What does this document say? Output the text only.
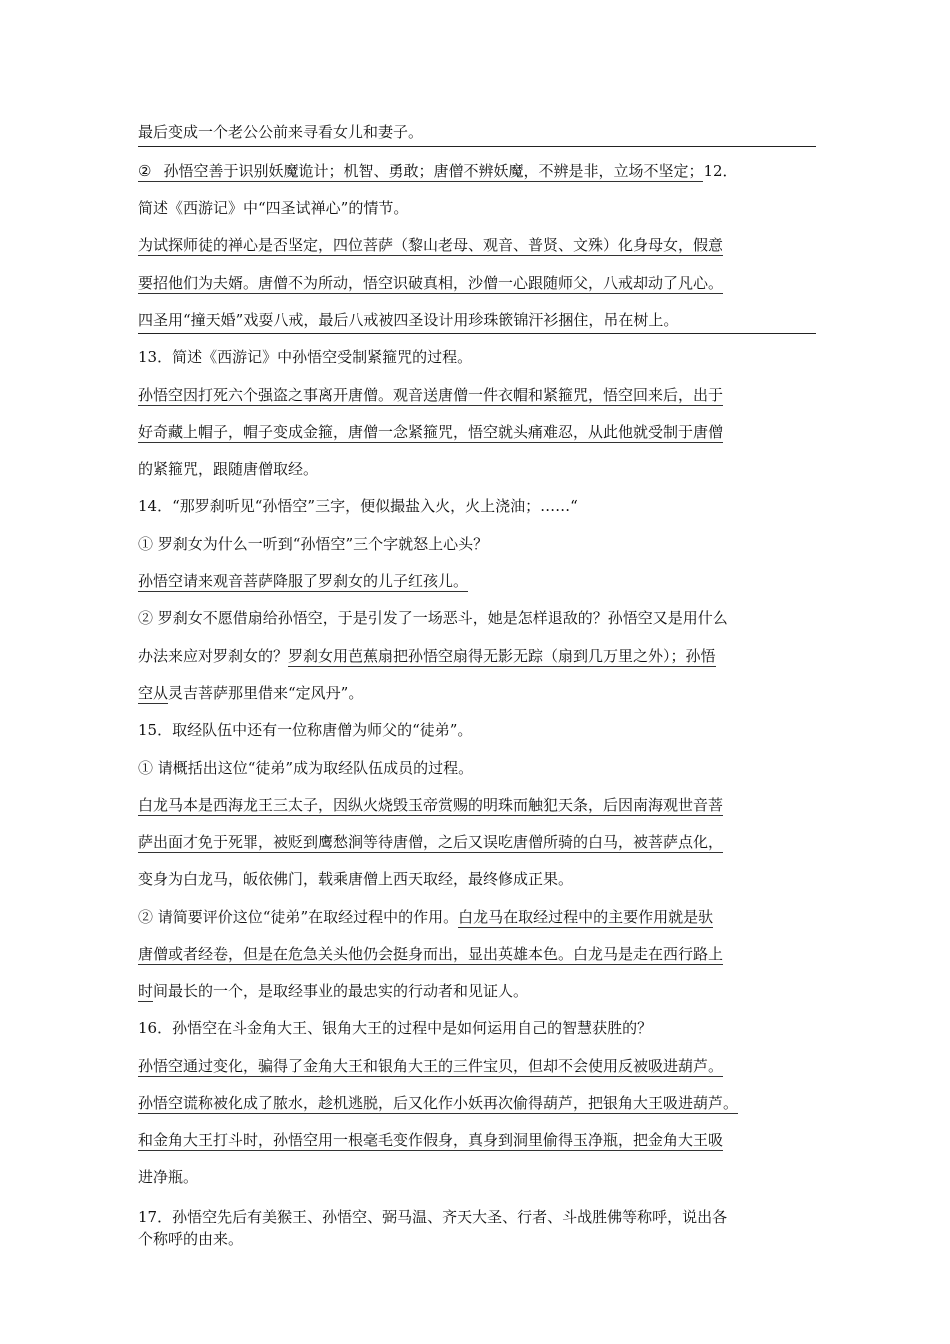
最后变成一个老公公前来寻看女儿和妻子。
② 孙悟空善于识别妖魔诡计；机智、勇敢；唐僧不辨妖魔，不辨是非，立场不坚定；12．
简述《西游记》中“四圣试禅心”的情节。
为试探师徒的禅心是否坚定，四位菩萨（黎山老母、观音、普贤、文殊）化身母女，假意
要招他们为夫婿。唐僧不为所动，悟空识破真相，沙僧一心跟随师父，八戒却动了凡心。
四圣用“撞天婚”戏耍八戒，最后八戒被四圣设计用珍珠篏锦汗衫捆住，吊在树上。
13．简述《西游记》中孙悟空受制紧箍咒的过程。
孙悟空因打死六个强盗之事离开唐僧。观音送唐僧一件衣帽和紧箍咒，悟空回来后，出于
好奇藏上帽子，帽子变成金箍，唐僧一念紧箍咒，悟空就头痛难忍，从此他就受制于唐僧
的紧箍咒，跟随唐僧取经。
14．“那罗刹听见“孙悟空”三字，便似撮盐入火，火上浇油；……“
① 罗刹女为什么一听到“孙悟空”三个字就怒上心头？
孙悟空请来观音菩萨降服了罗刹女的儿子红孩儿。
② 罗刹女不愿借扇给孙悟空，于是引发了一场恶斗，她是怎样退敌的？孙悟空又是用什么
办法来应对罗刹女的？罗刹女用芭蕉扇把孙悟空扇得无影无踪（扇到几万里之外）；孙悟
空从灵吉菩萨那里借来“定风丹”。
15．取经队伍中还有一位称唐僧为师父的“徒弟”。
① 请概括出这位“徒弟”成为取经队伍成员的过程。
白龙马本是西海龙王三太子，因纵火烧毁玉帝赏赐的明珠而触犯天条，后因南海观世音菩
萨出面才免于死罪，被贬到鹰愁涧等待唐僧，之后又误吃唐僧所骑的白马，被菩萨点化，
变身为白龙马，皈依佛门，载乘唐僧上西天取经，最终修成正果。
② 请简要评价这位“徒弟”在取经过程中的作用。白龙马在取经过程中的主要作用就是驮
唐僧或者经卷，但是在危急关头他仍会挺身而出，显出英雄本色。白龙马是走在西行路上
时间最长的一个，是取经事业的最忠实的行动者和见证人。
16．孙悟空在斗金角大王、银角大王的过程中是如何运用自己的智慧获胜的？
孙悟空通过变化，骗得了金角大王和银角大王的三件宝贝，但却不会使用反被吸进葫芦。
孙悟空谎称被化成了脓水，趁机逃脱，后又化作小妖再次偷得葫芦，把银角大王吸进葫芦。
和金角大王打斗时，孙悟空用一根毫毛变作假身，真身到洞里偷得玉净瓶，把金角大王吸
进净瓶。
17．孙悟空先后有美猴王、孙悟空、弼马温、齐天大圣、行者、斗战胜佛等称呼，说出各
个称呼的由来。
